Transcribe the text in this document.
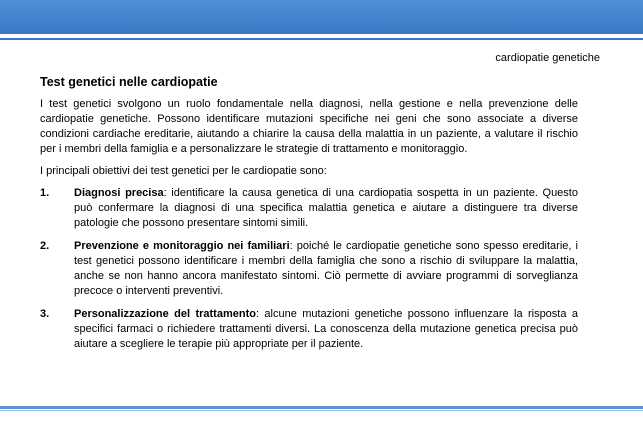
cardiopatie genetiche
Test genetici nelle cardiopatie

I test genetici svolgono un ruolo fondamentale nella diagnosi, nella gestione e nella prevenzione delle cardiopatie genetiche. Possono identificare mutazioni specifiche nei geni che sono associate a diverse condizioni cardiache ereditarie, aiutando a chiarire la causa della malattia in un paziente, a valutare il rischio per i membri della famiglia e a personalizzare le strategie di trattamento e monitoraggio.

I principali obiettivi dei test genetici per le cardiopatie sono:

1. Diagnosi precisa: identificare la causa genetica di una cardiopatia sospetta in un paziente. Questo può confermare la diagnosi di una specifica malattia genetica e aiutare a distinguere tra diverse patologie che possono presentare sintomi simili.
2. Prevenzione e monitoraggio nei familiari: poiché le cardiopatie genetiche sono spesso ereditarie, i test genetici possono identificare i membri della famiglia che sono a rischio di sviluppare la malattia, anche se non hanno ancora manifestato sintomi. Ciò permette di avviare programmi di sorveglianza precoce o interventi preventivi.
3. Personalizzazione del trattamento: alcune mutazioni genetiche possono influenzare la risposta a specifici farmaci o richiedere trattamenti diversi. La conoscenza della mutazione genetica precisa può aiutare a scegliere le terapie più appropriate per il paziente.
